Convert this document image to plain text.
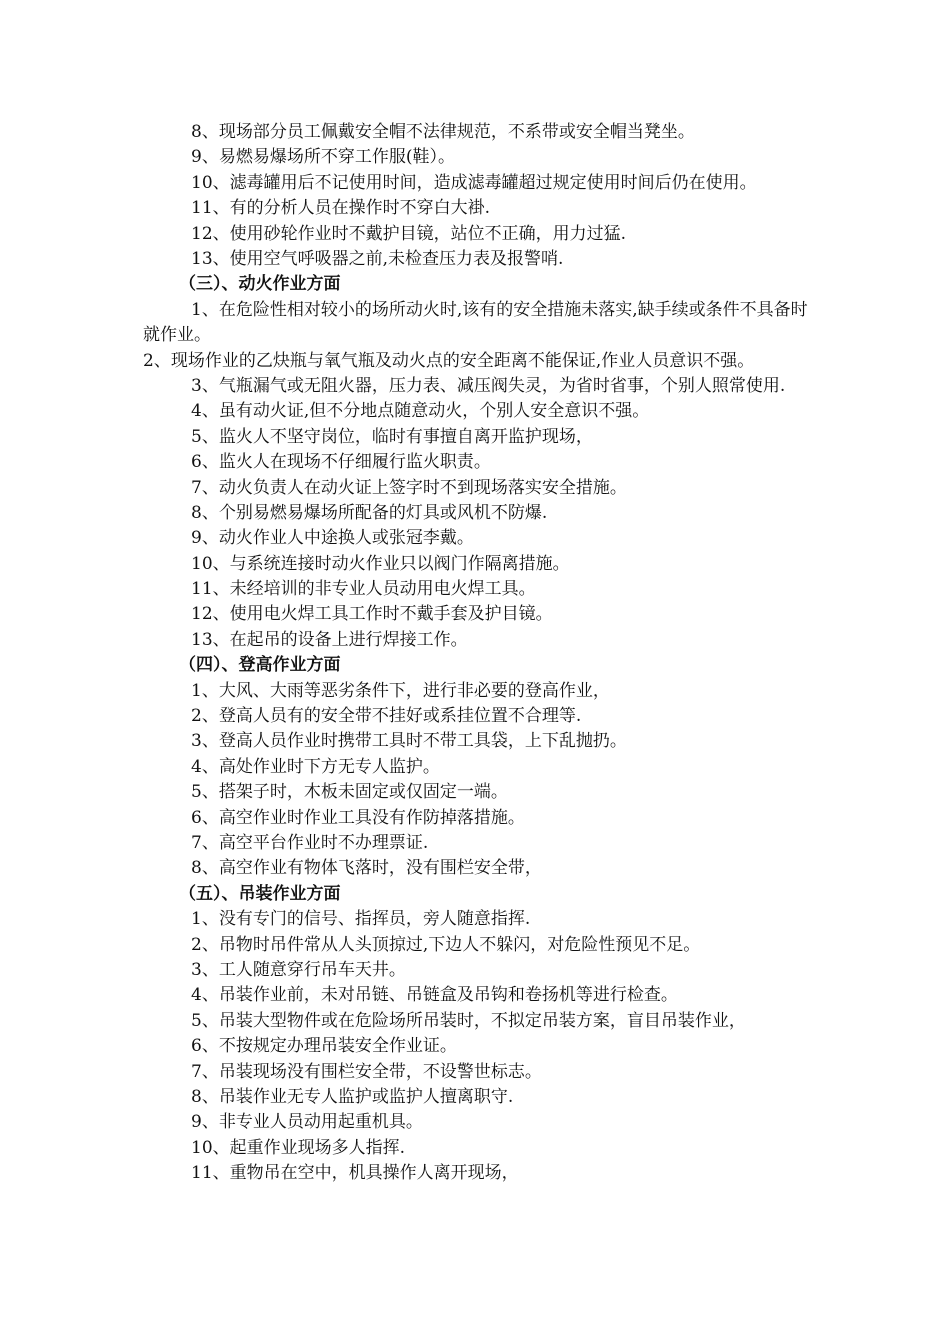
8、现场部分员工佩戴安全帽不法律规范，不系带或安全帽当凳坐。
9、易燃易爆场所不穿工作服(鞋）。
10、滤毒罐用后不记使用时间，造成滤毒罐超过规定使用时间后仍在使用。
11、有的分析人员在操作时不穿白大褂.
12、使用砂轮作业时不戴护目镜，站位不正确，用力过猛.
13、使用空气呼吸器之前,未检查压力表及报警哨.
（三）、动火作业方面
1、在危险性相对较小的场所动火时,该有的安全措施未落实,缺手续或条件不具备时就作业。
2、现场作业的乙炔瓶与氧气瓶及动火点的安全距离不能保证,作业人员意识不强。
3、气瓶漏气或无阻火器，压力表、减压阀失灵，为省时省事，个别人照常使用.
4、虽有动火证,但不分地点随意动火，个别人安全意识不强。
5、监火人不坚守岗位，临时有事擅自离开监护现场，
6、监火人在现场不仔细履行监火职责。
7、动火负责人在动火证上签字时不到现场落实安全措施。
8、个别易燃易爆场所配备的灯具或风机不防爆.
9、动火作业人中途换人或张冠李戴。
10、与系统连接时动火作业只以阀门作隔离措施。
11、未经培训的非专业人员动用电火焊工具。
12、使用电火焊工具工作时不戴手套及护目镜。
13、在起吊的设备上进行焊接工作。
（四）、登高作业方面
1、大风、大雨等恶劣条件下，进行非必要的登高作业，
2、登高人员有的安全带不挂好或系挂位置不合理等.
3、登高人员作业时携带工具时不带工具袋，上下乱抛扔。
4、高处作业时下方无专人监护。
5、搭架子时，木板未固定或仅固定一端。
6、高空作业时作业工具没有作防掉落措施。
7、高空平台作业时不办理票证.
8、高空作业有物体飞落时，没有围栏安全带，
（五）、吊装作业方面
1、没有专门的信号、指挥员，旁人随意指挥.
2、吊物时吊件常从人头顶掠过,下边人不躲闪，对危险性预见不足。
3、工人随意穿行吊车天井。
4、吊装作业前，未对吊链、吊链盒及吊钩和卷扬机等进行检查。
5、吊装大型物件或在危险场所吊装时，不拟定吊装方案，盲目吊装作业，
6、不按规定办理吊装安全作业证。
7、吊装现场没有围栏安全带，不设警世标志。
8、吊装作业无专人监护或监护人擅离职守.
9、非专业人员动用起重机具。
10、起重作业现场多人指挥.
11、重物吊在空中，机具操作人离开现场，
